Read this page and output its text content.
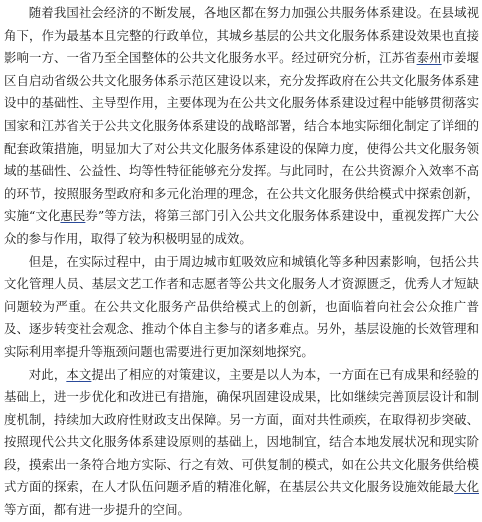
随着我国社会经济的不断发展，各地区都在努力加强公共服务体系建设。在县域视角下，作为最基本且完整的行政单位，其城乡基层的公共文化服务体系建设效果也直接影响一方、一省乃至全国整体的公共文化服务水平。经过研究分析，江苏省泰州市姜堰区自启动省级公共文化服务体系示范区建设以来，充分发挥政府在公共文化服务体系建设中的基础性、主导型作用，主要体现为在公共文化服务体系建设过程中能够贯彻落实国家和江苏省关于公共文化服务体系建设的战略部署，结合本地实际细化制定了详细的配套政策措施，明显加大了对公共文化服务体系建设的保障力度，使得公共文化服务领域的基础性、公益性、均等性特征能够充分发挥。与此同时，在公共资源介入效率不高的环节，按照服务型政府和多元化治理的理念，在公共文化服务供给模式中探索创新，实施“文化惠民券”等方法，将第三部门引入公共文化服务体系建设中，重视发挥广大公众的参与作用，取得了较为积极明显的成效。

但是，在实际过程中，由于周边城市虹吸效应和城镇化等多种因素影响，包括公共文化管理人员、基层文艺工作者和志愿者等公共文化服务人才资源匮乏，优秀人才短缺问题较为严重。在公共文化服务产品供给模式上的创新，也面临着向社会公众推广普及、逐步转变社会观念、推动个体自主参与的诸多难点。另外，基层设施的长效管理和实际利用率提升等瓶颈问题也需要进行更加深刻地探究。

对此，本文提出了相应的对策建议，主要是以人为本，一方面在已有成果和经验的基础上，进一步优化和改进已有措施，确保巩固建设成果，比如继续完善顶层设计和制度机制，持续加大政府性财政支出保障。另一方面，面对共性顽疾，在取得初步突破、按照现代公共文化服务体系建设原则的基础上，因地制宜，结合本地发展状况和现实阶段，摸索出一条符合地方实际、行之有效、可供复制的模式，如在公共文化服务供给模式方面的探索，在人才队伍问题矛盾的精准化解，在基层公共文化服务设施效能最大化等方面，都有进一步提升的空间。
